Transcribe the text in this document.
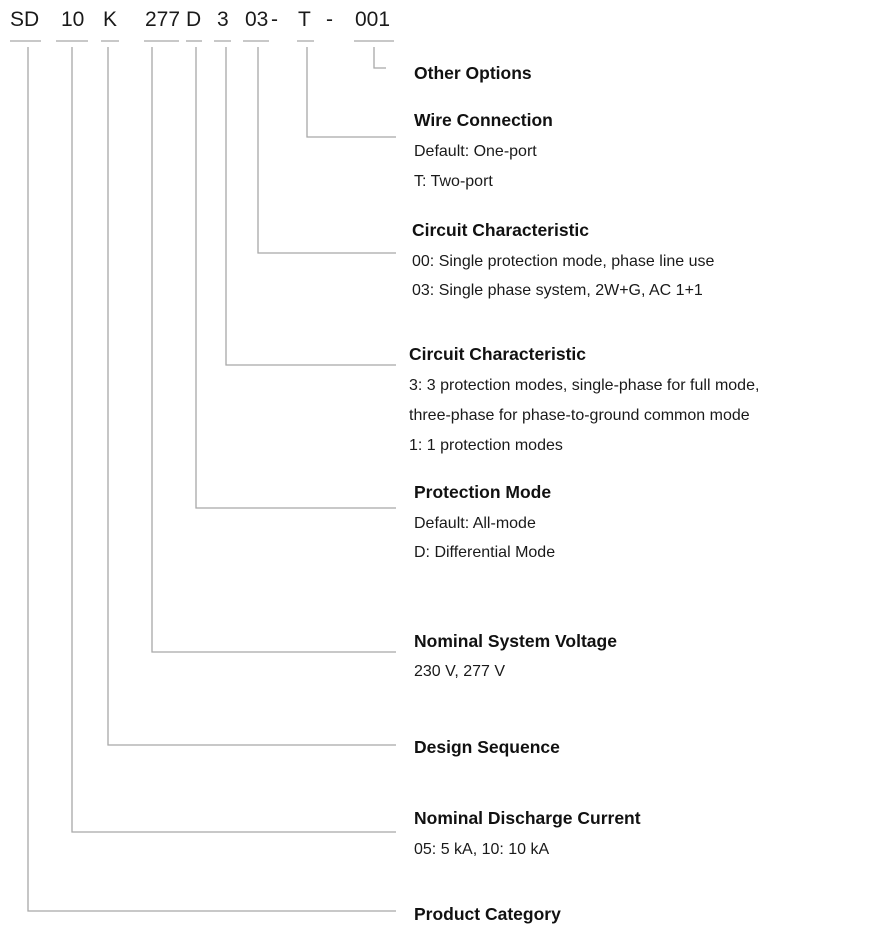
SD 10 K 277 D 3 03 - T - 001
Other Options
Wire Connection
Default: One-port
T: Two-port
Circuit Characteristic
00: Single protection mode, phase line use
03: Single phase system, 2W+G, AC 1+1
Circuit Characteristic
3: 3 protection modes, single-phase for full mode,
three-phase for phase-to-ground common mode
1: 1 protection modes
Protection Mode
Default: All-mode
D: Differential Mode
Nominal System Voltage
230 V, 277 V
Design Sequence
Nominal Discharge Current
05: 5 kA, 10: 10 kA
Product Category
